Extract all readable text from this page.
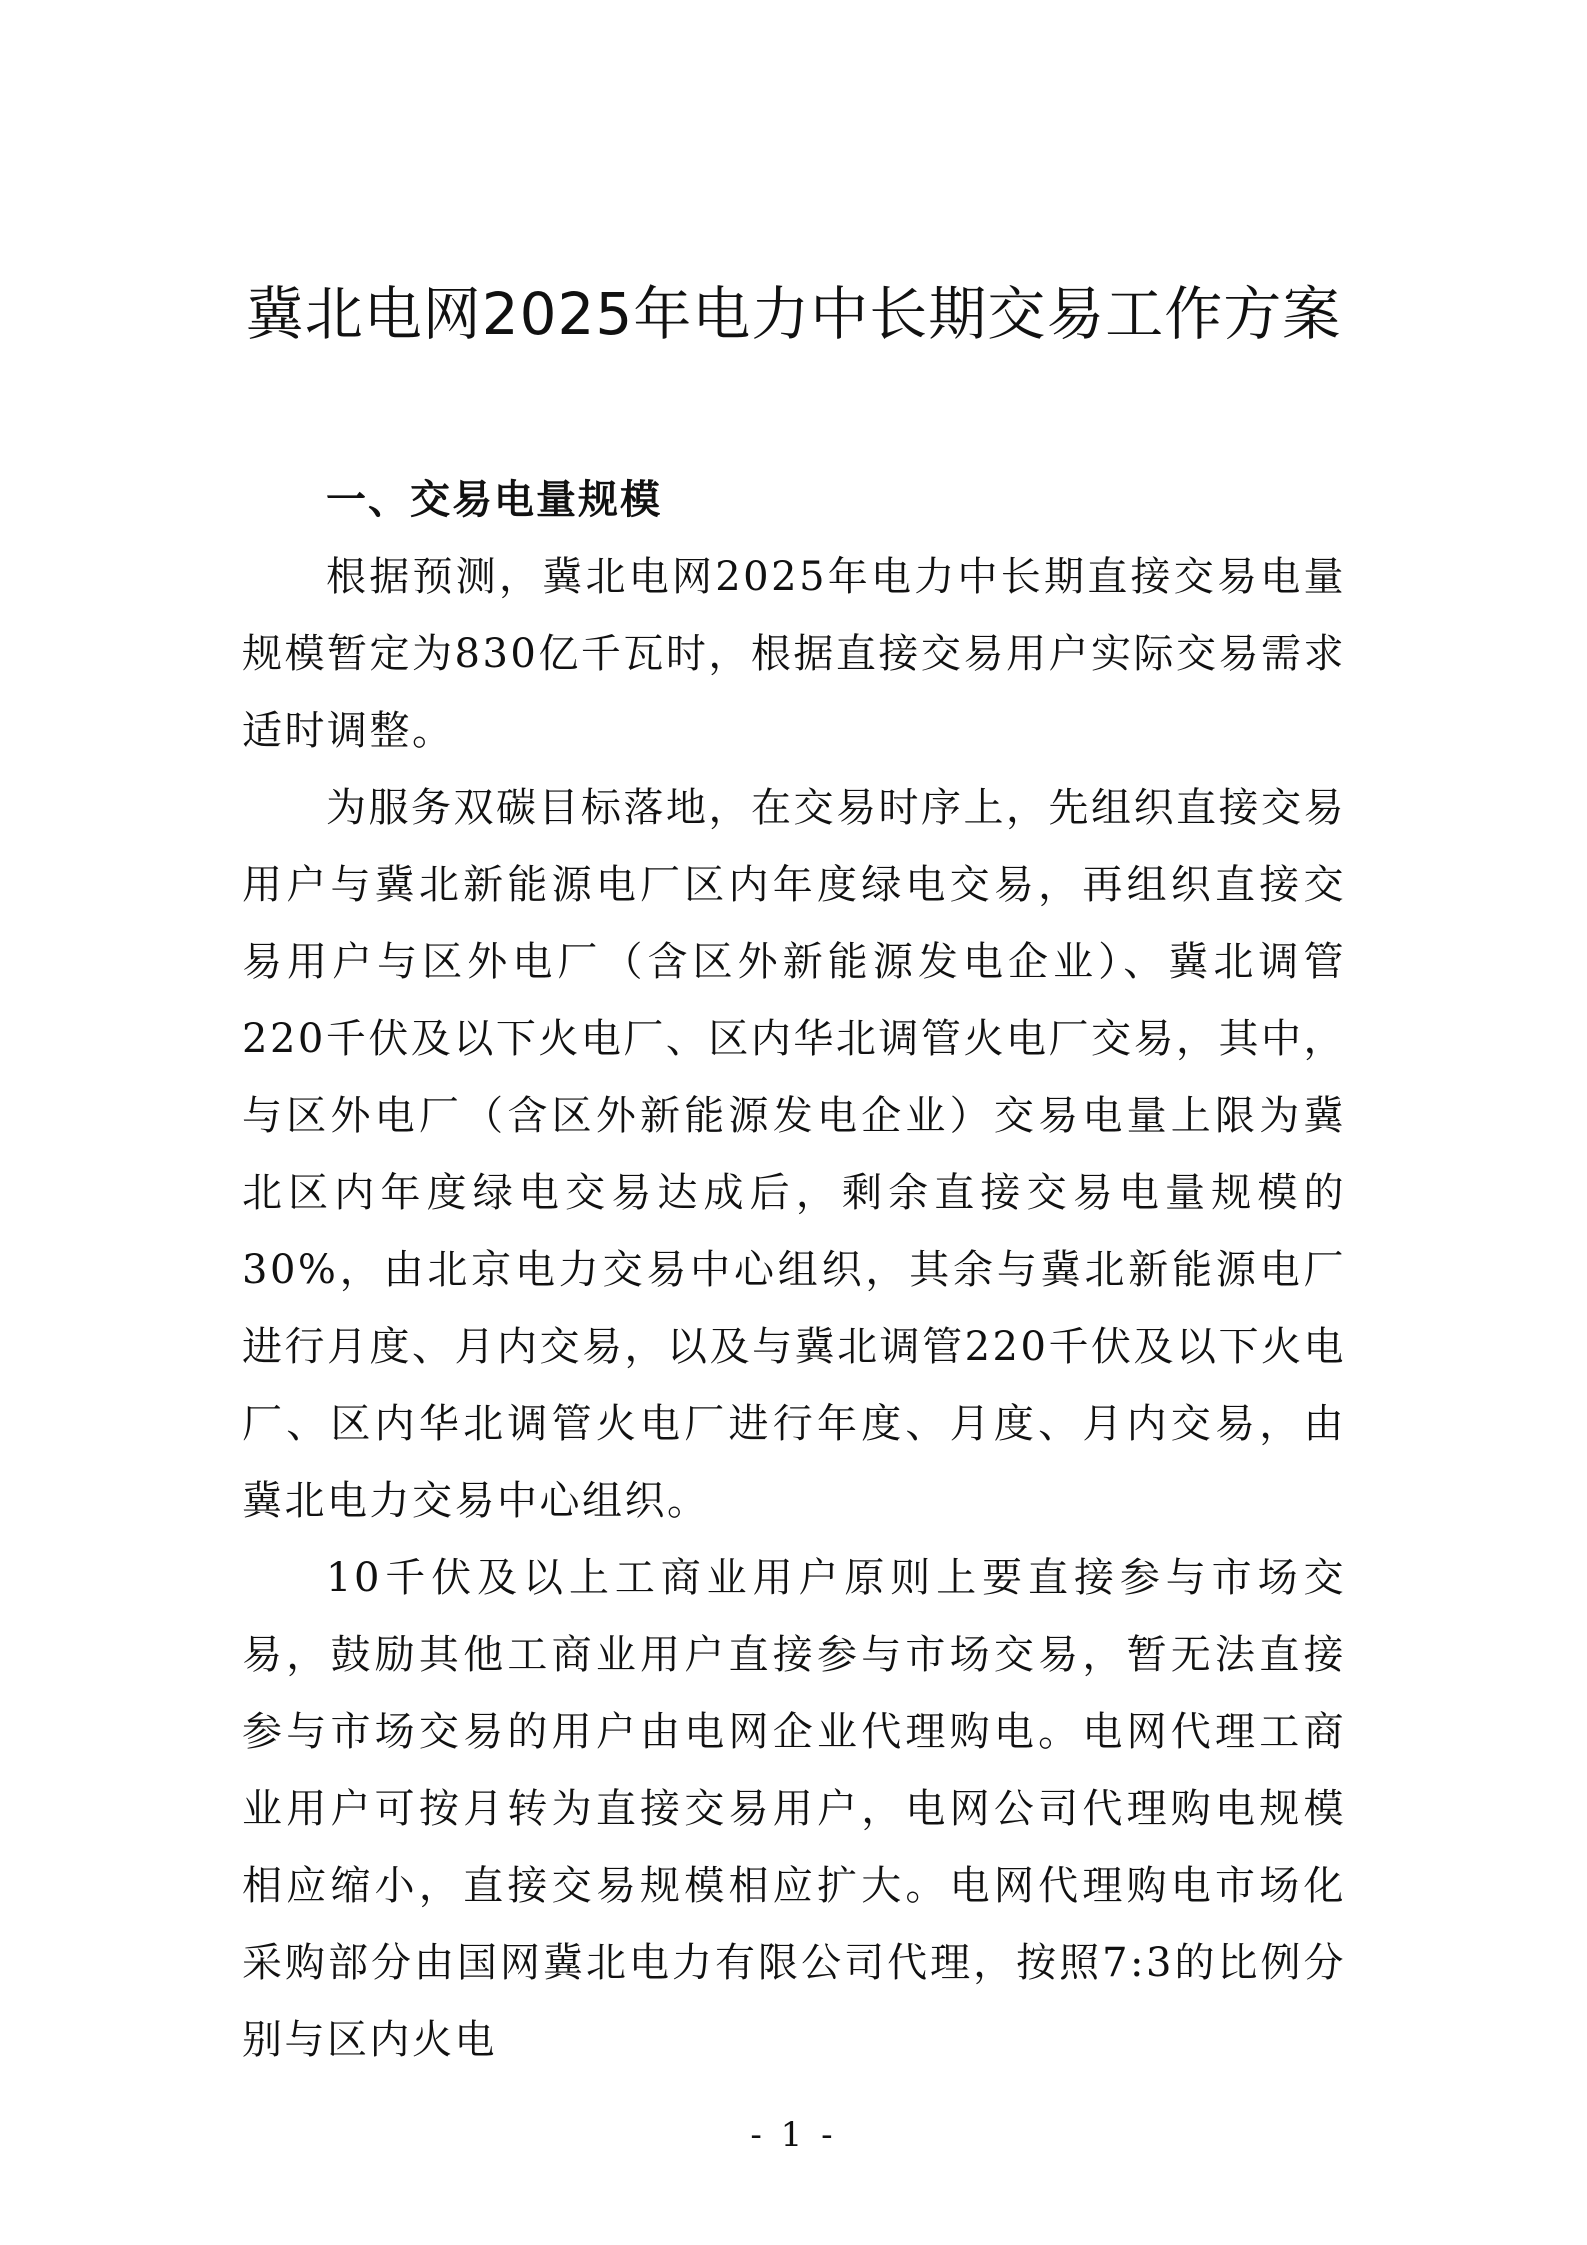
冀北电网2025年电力中长期交易工作方案
一、交易电量规模

根据预测，冀北电网2025年电力中长期直接交易电量规模暂定为830亿千瓦时，根据直接交易用户实际交易需求适时调整。

为服务双碳目标落地，在交易时序上，先组织直接交易用户与冀北新能源电厂区内年度绿电交易，再组织直接交易用户与区外电厂（含区外新能源发电企业）、冀北调管220千伏及以下火电厂、区内华北调管火电厂交易，其中，与区外电厂（含区外新能源发电企业）交易电量上限为冀北区内年度绿电交易达成后，剩余直接交易电量规模的30%，由北京电力交易中心组织，其余与冀北新能源电厂进行月度、月内交易，以及与冀北调管220千伏及以下火电厂、区内华北调管火电厂进行年度、月度、月内交易，由冀北电力交易中心组织。

10千伏及以上工商业用户原则上要直接参与市场交易，鼓励其他工商业用户直接参与市场交易，暂无法直接参与市场交易的用户由电网企业代理购电。电网代理工商业用户可按月转为直接交易用户，电网公司代理购电规模相应缩小，直接交易规模相应扩大。电网代理购电市场化采购部分由国网冀北电力有限公司代理，按照7:3的比例分别与区内火电

- 1 -
